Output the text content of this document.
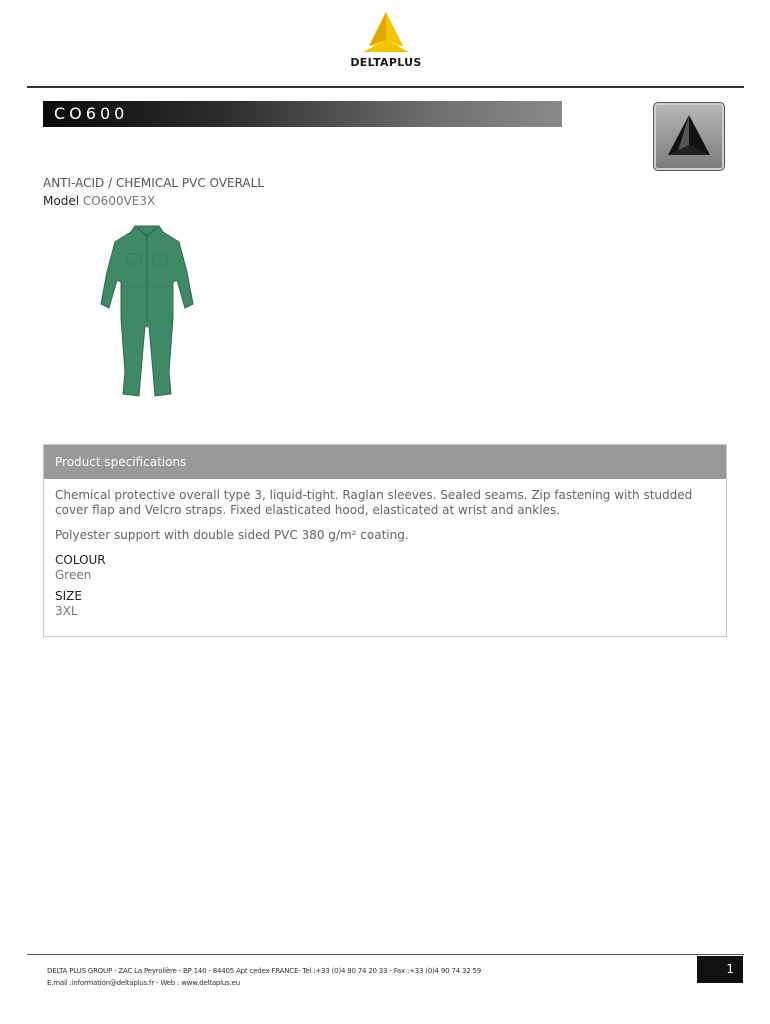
DELTAPLUS
CO600
ANTI-ACID / CHEMICAL PVC OVERALL
Model CO600VE3X
Product specifications

Chemical protective overall type 3, liquid-tight. Raglan sleeves. Sealed seams. Zip fastening with studded cover flap and Velcro straps. Fixed elasticated hood, elasticated at wrist and ankles.

Polyester support with double sided PVC 380 g/m² coating.

COLOUR
Green
SIZE
3XL
DELTA PLUS GROUP - ZAC La Peyrolière - BP 140 - 84405 Apt cedex FRANCE- Tel :+33 (0)4 90 74 20 33 - Fax :+33 (0)4 90 74 32 59
E.mail :information@deltaplus.fr - Web : www.deltaplus.eu
1
